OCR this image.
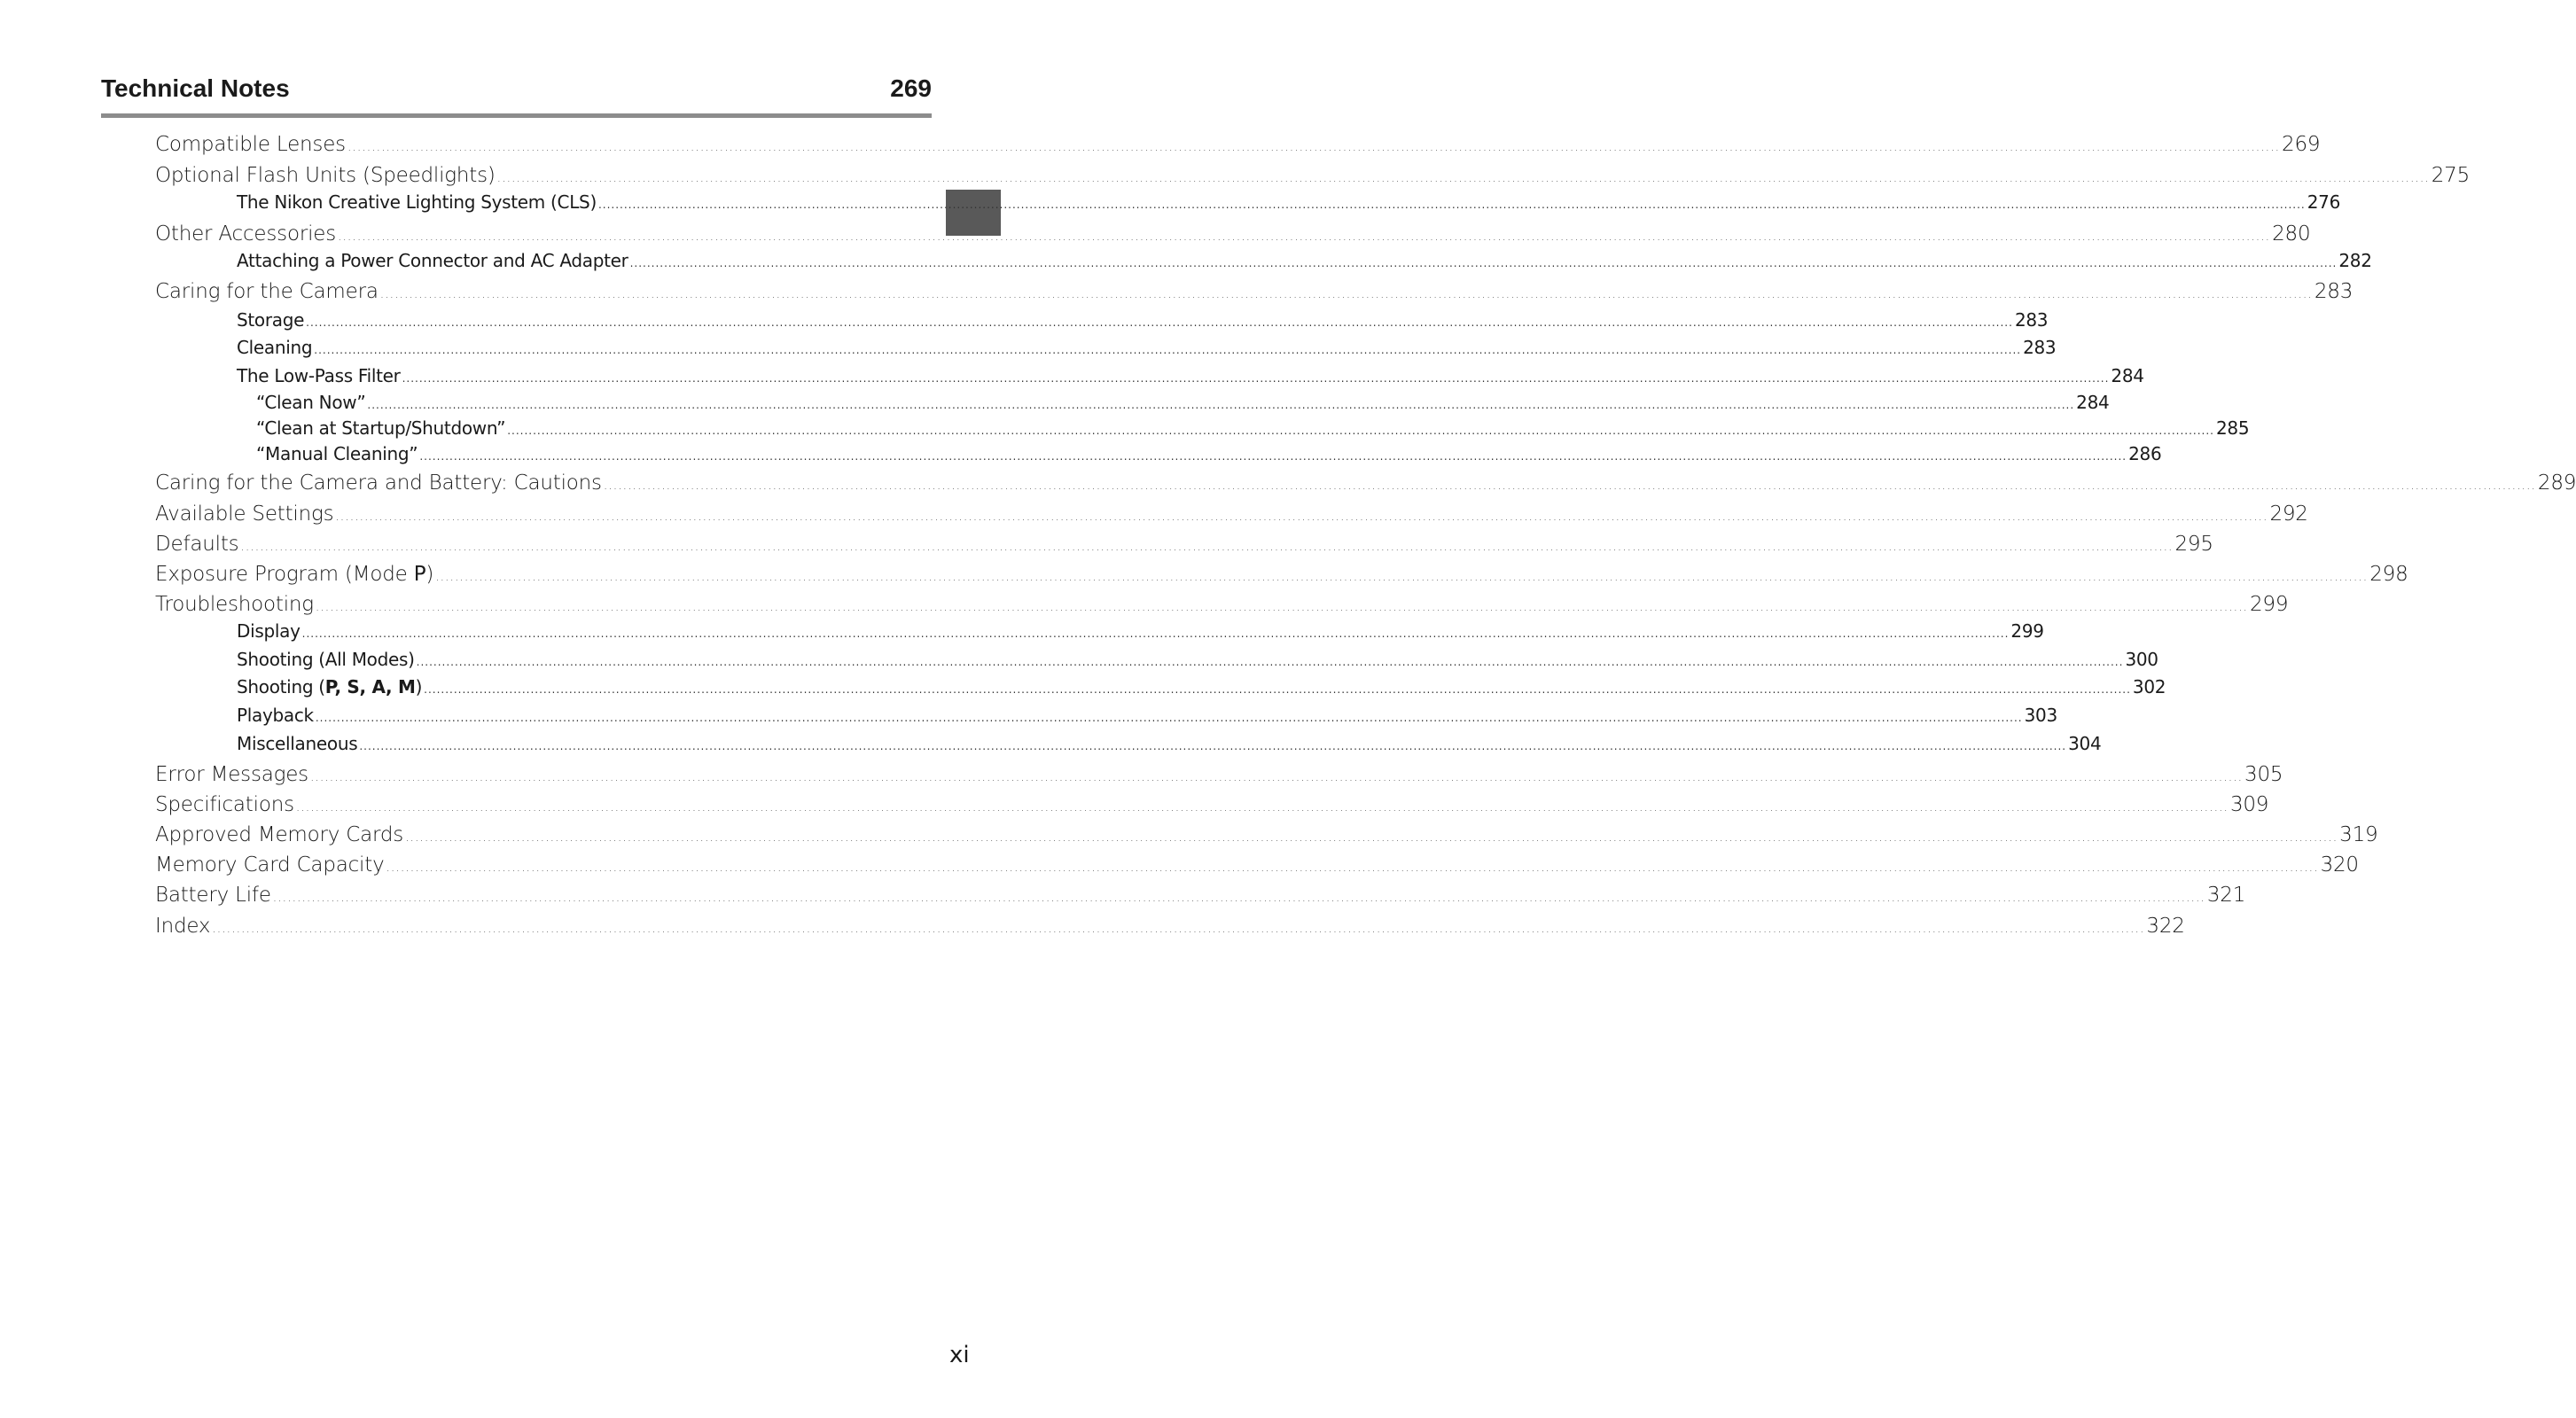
Technical Notes	269
Compatible Lenses ................................................................................................................................................................................................................................................................................................................................................................................................................ 269
Optional Flash Units (Speedlights) ................................................................................................................................................................................................................................................................................................................................................................................................................ 275
The Nikon Creative Lighting System (CLS) ................................................................................................................................................................................................................................................................................................................................................................................................................ 276
Other Accessories ................................................................................................................................................................................................................................................................................................................................................................................................................ 280
Attaching a Power Connector and AC Adapter ................................................................................................................................................................................................................................................................................................................................................................................................................ 282
Caring for the Camera ................................................................................................................................................................................................................................................................................................................................................................................................................ 283
Storage ................................................................................................................................................................................................................................................................................................................................................................................................................ 283
Cleaning ................................................................................................................................................................................................................................................................................................................................................................................................................ 283
The Low-Pass Filter ................................................................................................................................................................................................................................................................................................................................................................................................................ 284
“Clean Now” ................................................................................................................................................................................................................................................................................................................................................................................................................ 284
“Clean at Startup/Shutdown” ................................................................................................................................................................................................................................................................................................................................................................................................................ 285
“Manual Cleaning” ................................................................................................................................................................................................................................................................................................................................................................................................................ 286
Caring for the Camera and Battery: Cautions ................................................................................................................................................................................................................................................................................................................................................................................................................ 289
Available Settings ................................................................................................................................................................................................................................................................................................................................................................................................................ 292
Defaults ................................................................................................................................................................................................................................................................................................................................................................................................................ 295
Exposure Program (Mode P) ................................................................................................................................................................................................................................................................................................................................................................................................................ 298
Troubleshooting ................................................................................................................................................................................................................................................................................................................................................................................................................ 299
Display ................................................................................................................................................................................................................................................................................................................................................................................................................ 299
Shooting (All Modes) ................................................................................................................................................................................................................................................................................................................................................................................................................ 300
Shooting (P, S, A, M) ................................................................................................................................................................................................................................................................................................................................................................................................................ 302
Playback ................................................................................................................................................................................................................................................................................................................................................................................................................ 303
Miscellaneous ................................................................................................................................................................................................................................................................................................................................................................................................................ 304
Error Messages ................................................................................................................................................................................................................................................................................................................................................................................................................ 305
Specifications ................................................................................................................................................................................................................................................................................................................................................................................................................ 309
Approved Memory Cards ................................................................................................................................................................................................................................................................................................................................................................................................................ 319
Memory Card Capacity ................................................................................................................................................................................................................................................................................................................................................................................................................ 320
Battery Life ................................................................................................................................................................................................................................................................................................................................................................................................................ 321
Index ................................................................................................................................................................................................................................................................................................................................................................................................................ 322
xi
